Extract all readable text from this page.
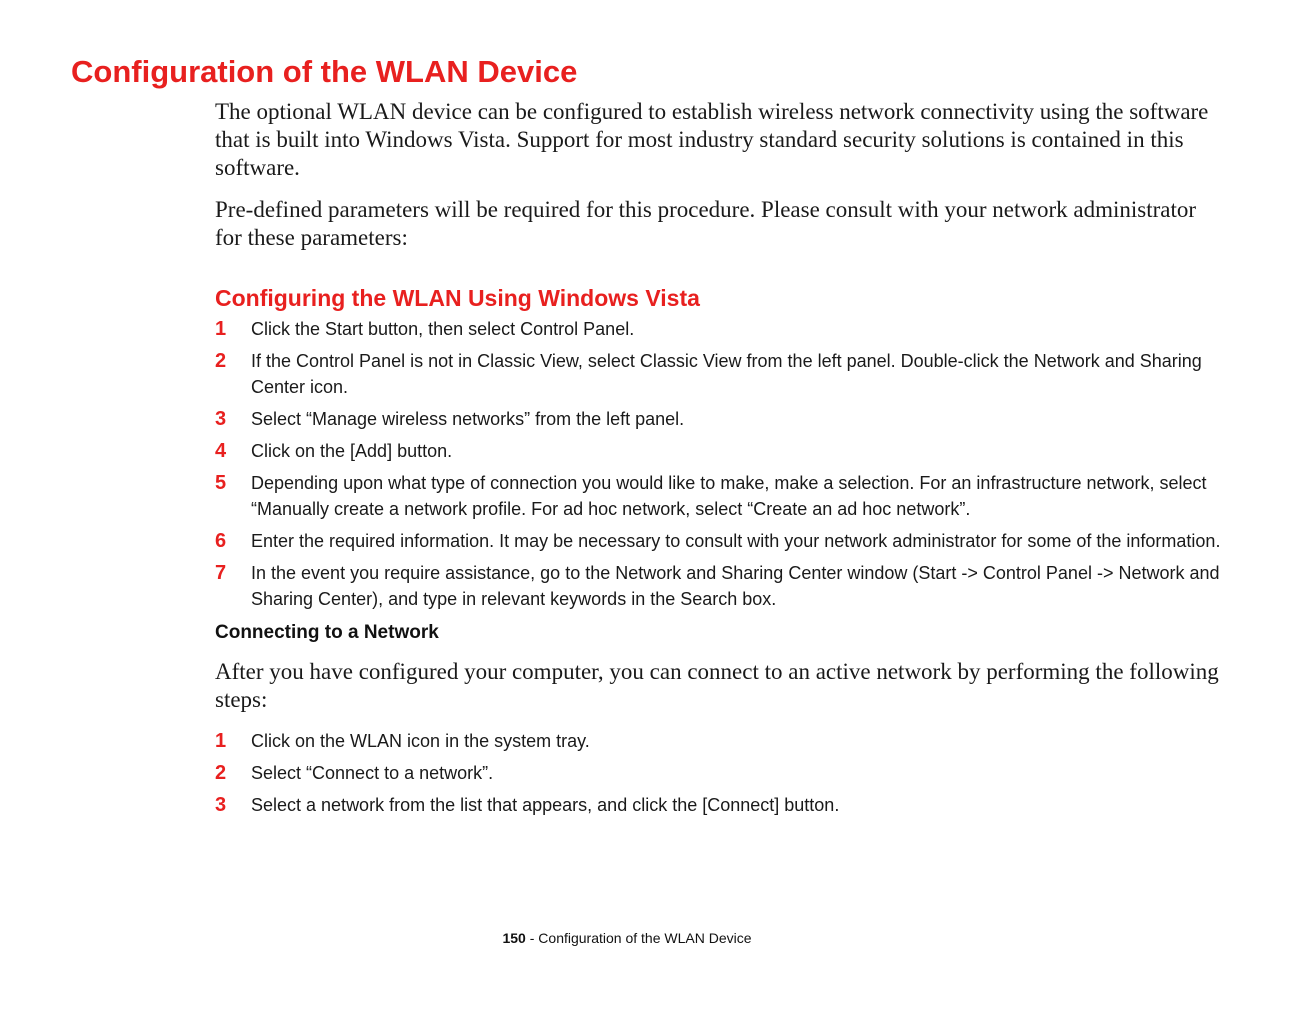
Configuration of the WLAN Device

The optional WLAN device can be configured to establish wireless network connectivity using the software that is built into Windows Vista. Support for most industry standard security solutions is contained in this software.

Pre-defined parameters will be required for this procedure. Please consult with your network administrator for these parameters:

Configuring the WLAN Using Windows Vista
1	Click the Start button, then select Control Panel.
2	If the Control Panel is not in Classic View, select Classic View from the left panel. Double-click the Network and Sharing Center icon.
3	Select “Manage wireless networks” from the left panel.
4	Click on the [Add] button.
5	Depending upon what type of connection you would like to make, make a selection. For an infrastructure network, select “Manually create a network profile. For ad hoc network, select “Create an ad hoc network”.
6	Enter the required information. It may be necessary to consult with your network administrator for some of the information.
7	In the event you require assistance, go to the Network and Sharing Center window (Start -> Control Panel -> Network and Sharing Center), and type in relevant keywords in the Search box.
Connecting to a Network

After you have configured your computer, you can connect to an active network by performing the following steps:

1	Click on the WLAN icon in the system tray.
2	Select “Connect to a network”.
3	Select a network from the list that appears, and click the [Connect] button.
150 - Configuration of the WLAN Device
